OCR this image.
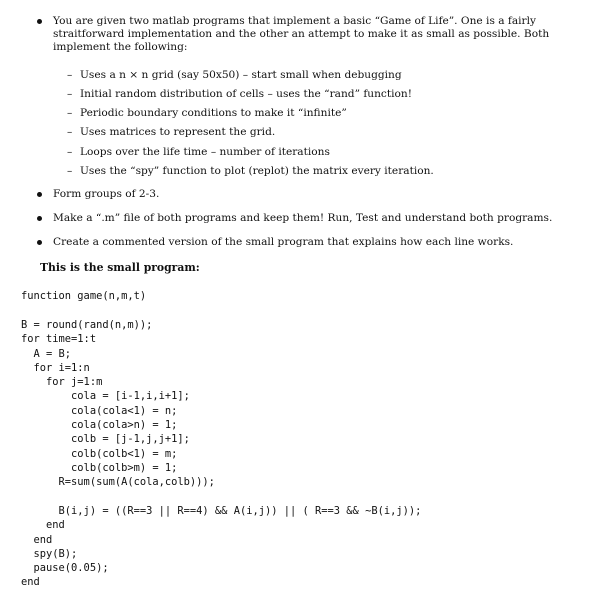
You are given two matlab programs that implement a basic “Game of Life”. One is a fairly straitforward implementation and the other an attempt to make it as small as possible. Both implement the following:
– Uses a n × n grid (say 50x50) – start small when debugging
– Initial random distribution of cells – uses the “rand” function!
– Periodic boundary conditions to make it “infinite”
– Uses matrices to represent the grid.
– Loops over the life time – number of iterations
– Uses the “spy” function to plot (replot) the matrix every iteration.
Form groups of 2-3.
Make a “.m” file of both programs and keep them! Run, Test and understand both programs.
Create a commented version of the small program that explains how each line works.
This is the small program:
function game(n,m,t)
B = round(rand(n,m));
for time=1:t
A = B;
for i=1:n
for j=1:m
cola = [i-1,i,i+1];
cola(cola<1) = n;
cola(cola>n) = 1;
colb = [j-1,j,j+1];
colb(colb<1) = m;
colb(colb>m) = 1;
R=sum(sum(A(cola,colb)));
B(i,j) = ((R==3 || R==4) && A(i,j)) || ( R==3 && ~B(i,j));
end
end
spy(B);
pause(0.05);
end
